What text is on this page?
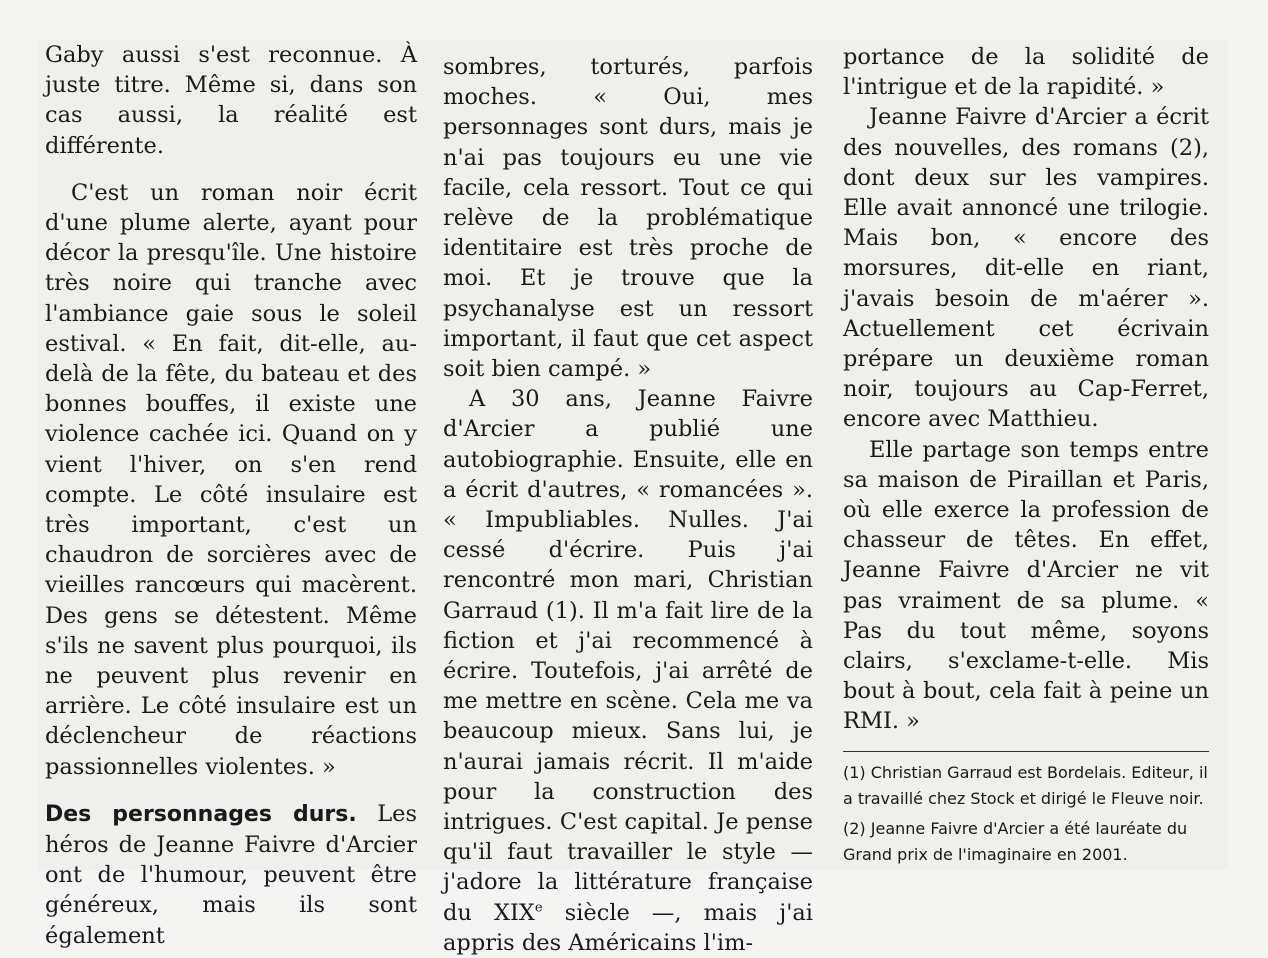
Gaby aussi s'est reconnue. À juste titre. Même si, dans son cas aussi, la réalité est différente.

C'est un roman noir écrit d'une plume alerte, ayant pour décor la presqu'île. Une histoire très noire qui tranche avec l'ambiance gaie sous le soleil estival. « En fait, dit-elle, au-delà de la fête, du bateau et des bonnes bouffes, il existe une violence cachée ici. Quand on y vient l'hiver, on s'en rend compte. Le côté insulaire est très important, c'est un chaudron de sorcières avec de vieilles rancœurs qui macèrent. Des gens se détestent. Même s'ils ne savent plus pourquoi, ils ne peuvent plus revenir en arrière. Le côté insulaire est un déclencheur de réactions passionnelles violentes. »

Des personnages durs. Les héros de Jeanne Faivre d'Arcier ont de l'humour, peuvent être généreux, mais ils sont également

sombres, torturés, parfois moches. « Oui, mes personnages sont durs, mais je n'ai pas toujours eu une vie facile, cela ressort. Tout ce qui relève de la problématique identitaire est très proche de moi. Et je trouve que la psychanalyse est un ressort important, il faut que cet aspect soit bien campé. »

A 30 ans, Jeanne Faivre d'Arcier a publié une autobiographie. Ensuite, elle en a écrit d'autres, « romancées ». « Impubliables. Nulles. J'ai cessé d'écrire. Puis j'ai rencontré mon mari, Christian Garraud (1). Il m'a fait lire de la fiction et j'ai recommencé à écrire. Toutefois, j'ai arrêté de me mettre en scène. Cela me va beaucoup mieux. Sans lui, je n'aurai jamais récrit. Il m'aide pour la construction des intrigues. C'est capital. Je pense qu'il faut travailler le style — j'adore la littérature française du XIXe siècle —, mais j'ai appris des Américains l'im-

portance de la solidité de l'intrigue et de la rapidité. »

Jeanne Faivre d'Arcier a écrit des nouvelles, des romans (2), dont deux sur les vampires. Elle avait annoncé une trilogie. Mais bon, « encore des morsures, dit-elle en riant, j'avais besoin de m'aérer ». Actuellement cet écrivain prépare un deuxième roman noir, toujours au Cap-Ferret, encore avec Matthieu.

Elle partage son temps entre sa maison de Piraillan et Paris, où elle exerce la profession de chasseur de têtes. En effet, Jeanne Faivre d'Arcier ne vit pas vraiment de sa plume. « Pas du tout même, soyons clairs, s'exclame-t-elle. Mis bout à bout, cela fait à peine un RMI. »

(1) Christian Garraud est Bordelais. Editeur, il a travaillé chez Stock et dirigé le Fleuve noir.

(2) Jeanne Faivre d'Arcier a été lauréate du Grand prix de l'imaginaire en 2001.
